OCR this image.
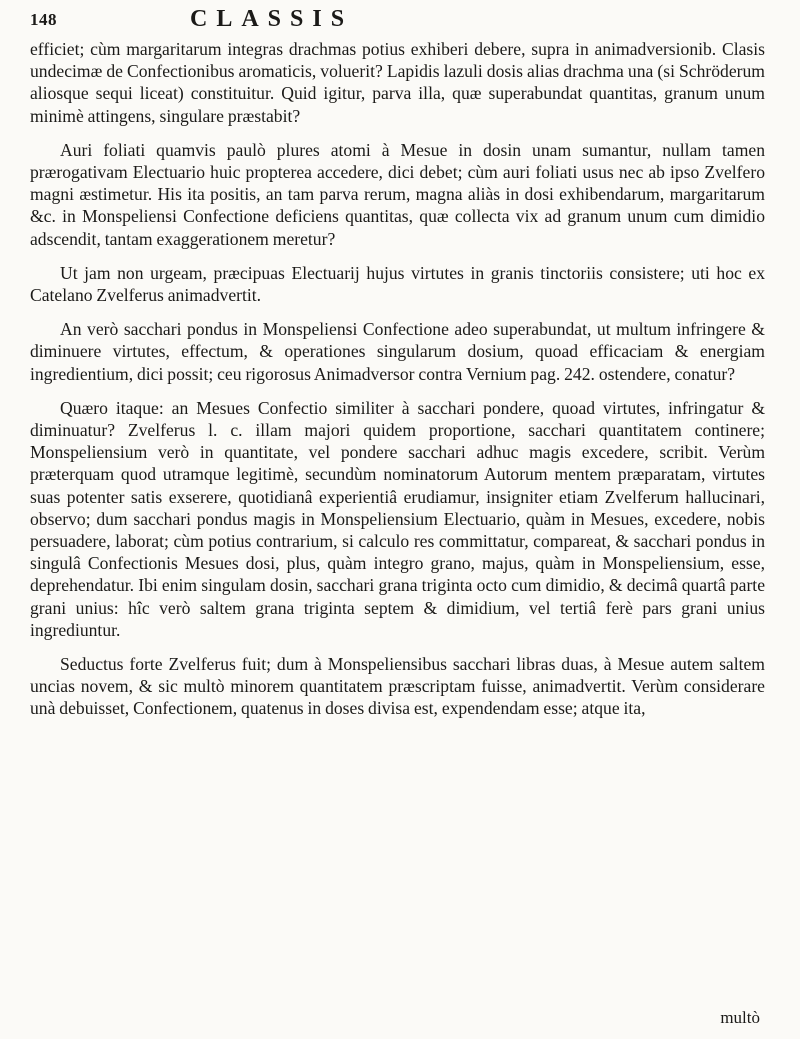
148	CLASSIS

efficiet; cùm margaritarum integras drachmas potius exhiberi debere, supra in animadversionib. Clasis undecimæ de Confectionibus aromaticis, voluerit? Lapidis lazuli dosis alias drachma una (si Schröderum aliosque sequi liceat) constituitur. Quid igitur, parva illa, quæ superabundat quantitas, granum unum minimè attingens, singulare præstabit?

Auri foliati quamvis paulò plures atomi à Mesue in dosin unam sumantur, nullam tamen prærogativam Electuario huic propterea accedere, dici debet; cùm auri foliati usus nec ab ipso Zvelfero magni æstimetur. His ita positis, an tam parva rerum, magna aliàs in dosi exhibendarum, margaritarum &c. in Monspeliensi Confectione deficiens quantitas, quæ collecta vix ad granum unum cum dimidio adscendit, tantam exaggerationem meretur?

Ut jam non urgeam, præcipuas Electuarij hujus virtutes in granis tinctoriis consistere; uti hoc ex Catelano Zvelferus animadvertit.

An verò sacchari pondus in Monspeliensi Confectione adeo superabundat, ut multum infringere & diminuere virtutes, effectum, & operationes singularum dosium, quoad efficaciam & energiam ingredientium, dici possit; ceu rigorosus Animadversor contra Vernium pag. 242. ostendere, conatur?

Quæro itaque: an Mesues Confectio similiter à sacchari pondere, quoad virtutes, infringatur & diminuatur? Zvelferus l. c. illam majori quidem proportione, sacchari quantitatem continere; Monspeliensium verò in quantitate, vel pondere sacchari adhuc magis excedere, scribit. Verùm præterquam quod utramque legitimè, secundùm nominatorum Autorum mentem præparatam, virtutes suas potenter satis exserere, quotidianâ experientiâ erudiamur, insigniter etiam Zvelferum hallucinari, observo; dum sacchari pondus magis in Monspeliensium Electuario, quàm in Mesues, excedere, nobis persuadere, laborat; cùm potius contrarium, si calculo res committatur, compareat, & sacchari pondus in singulâ Confectionis Mesues dosi, plus, quàm integro grano, majus, quàm in Monspeliensium, esse, deprehendatur. Ibi enim singulam dosin, sacchari grana triginta octo cum dimidio, & decimâ quartâ parte grani unius: hîc verò saltem grana triginta septem & dimidium, vel tertiâ ferè pars grani unius ingrediuntur.

Seductus forte Zvelferus fuit; dum à Monspeliensibus sacchari libras duas, à Mesue autem saltem uncias novem, & sic multò minorem quantitatem præscriptam fuisse, animadvertit. Verùm considerare unà debuisset, Confectionem, quatenus in doses divisa est, expendendam esse; atque ita,

multò
